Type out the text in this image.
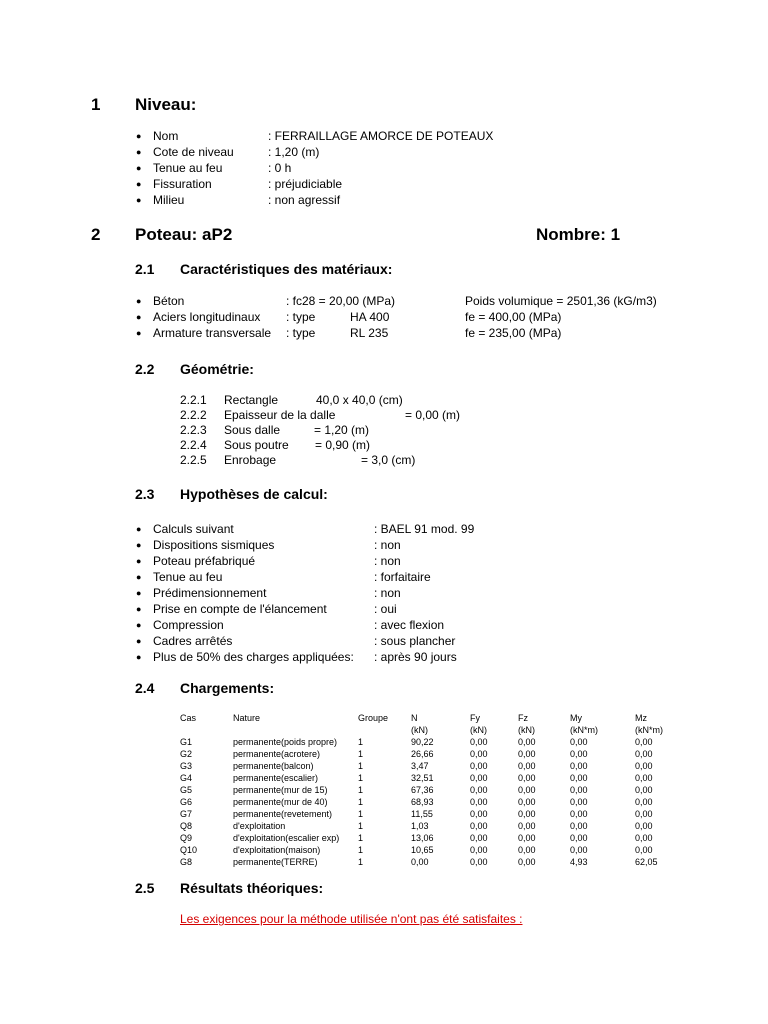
1 Niveau:
● Nom	: FERRAILLAGE AMORCE DE POTEAUX
● Cote de niveau	: 1,20 (m)
● Tenue au feu	: 0 h
● Fissuration	: préjudiciable
● Milieu	: non agressif
2 Poteau: aP2	Nombre: 1
2.1 Caractéristiques des matériaux:
● Béton	: fc28 = 20,00 (MPa)	Poids volumique = 2501,36 (kG/m3)
● Aciers longitudinaux : type	HA 400	fe = 400,00 (MPa)
● Armature transversale : type	RL 235	fe = 235,00 (MPa)
2.2 Géométrie:
2.2.1 Rectangle	40,0 x 40,0 (cm)
2.2.2 Epaisseur de la dalle	= 0,00 (m)
2.2.3 Sous dalle	= 1,20 (m)
2.2.4 Sous poutre = 0,90 (m)
2.2.5 Enrobage	= 3,0 (cm)
2.3 Hypothèses de calcul:
● Calculs suivant	: BAEL 91 mod. 99
● Dispositions sismiques	: non
● Poteau préfabriqué	: non
● Tenue au feu	: forfaitaire
● Prédimensionnement	: non
● Prise en compte de l'élancement	: oui
● Compression	: avec flexion
● Cadres arrêtés	: sous plancher
● Plus de 50% des charges appliquées: : après 90 jours
2.4 Chargements:
Cas	Nature	Groupe	N	Fy	Fz	My	Mz
			(kN)	(kN)	(kN)	(kN*m)	(kN*m)
G1	permanente(poids propre)	1	90,22	0,00	0,00	0,00	0,00
G2	permanente(acrotere)	1	26,66	0,00	0,00	0,00	0,00
G3	permanente(balcon)	1	3,47	0,00	0,00	0,00	0,00
G4	permanente(escalier)	1	32,51	0,00	0,00	0,00	0,00
G5	permanente(mur de 15)	1	67,36	0,00	0,00	0,00	0,00
G6	permanente(mur de 40)	1	68,93	0,00	0,00	0,00	0,00
G7	permanente(revetement)	1	11,55	0,00	0,00	0,00	0,00
Q8	d'exploitation	1	1,03	0,00	0,00	0,00	0,00
Q9	d'exploitation(escalier exp)	1	13,06	0,00	0,00	0,00	0,00
Q10	d'exploitation(maison)	1	10,65	0,00	0,00	0,00	0,00
G8	permanente(TERRE)	1	0,00	0,00	0,00	4,93	62,05
2.5 Résultats théoriques:
Les exigences pour la méthode utilisée n'ont pas été satisfaites :
